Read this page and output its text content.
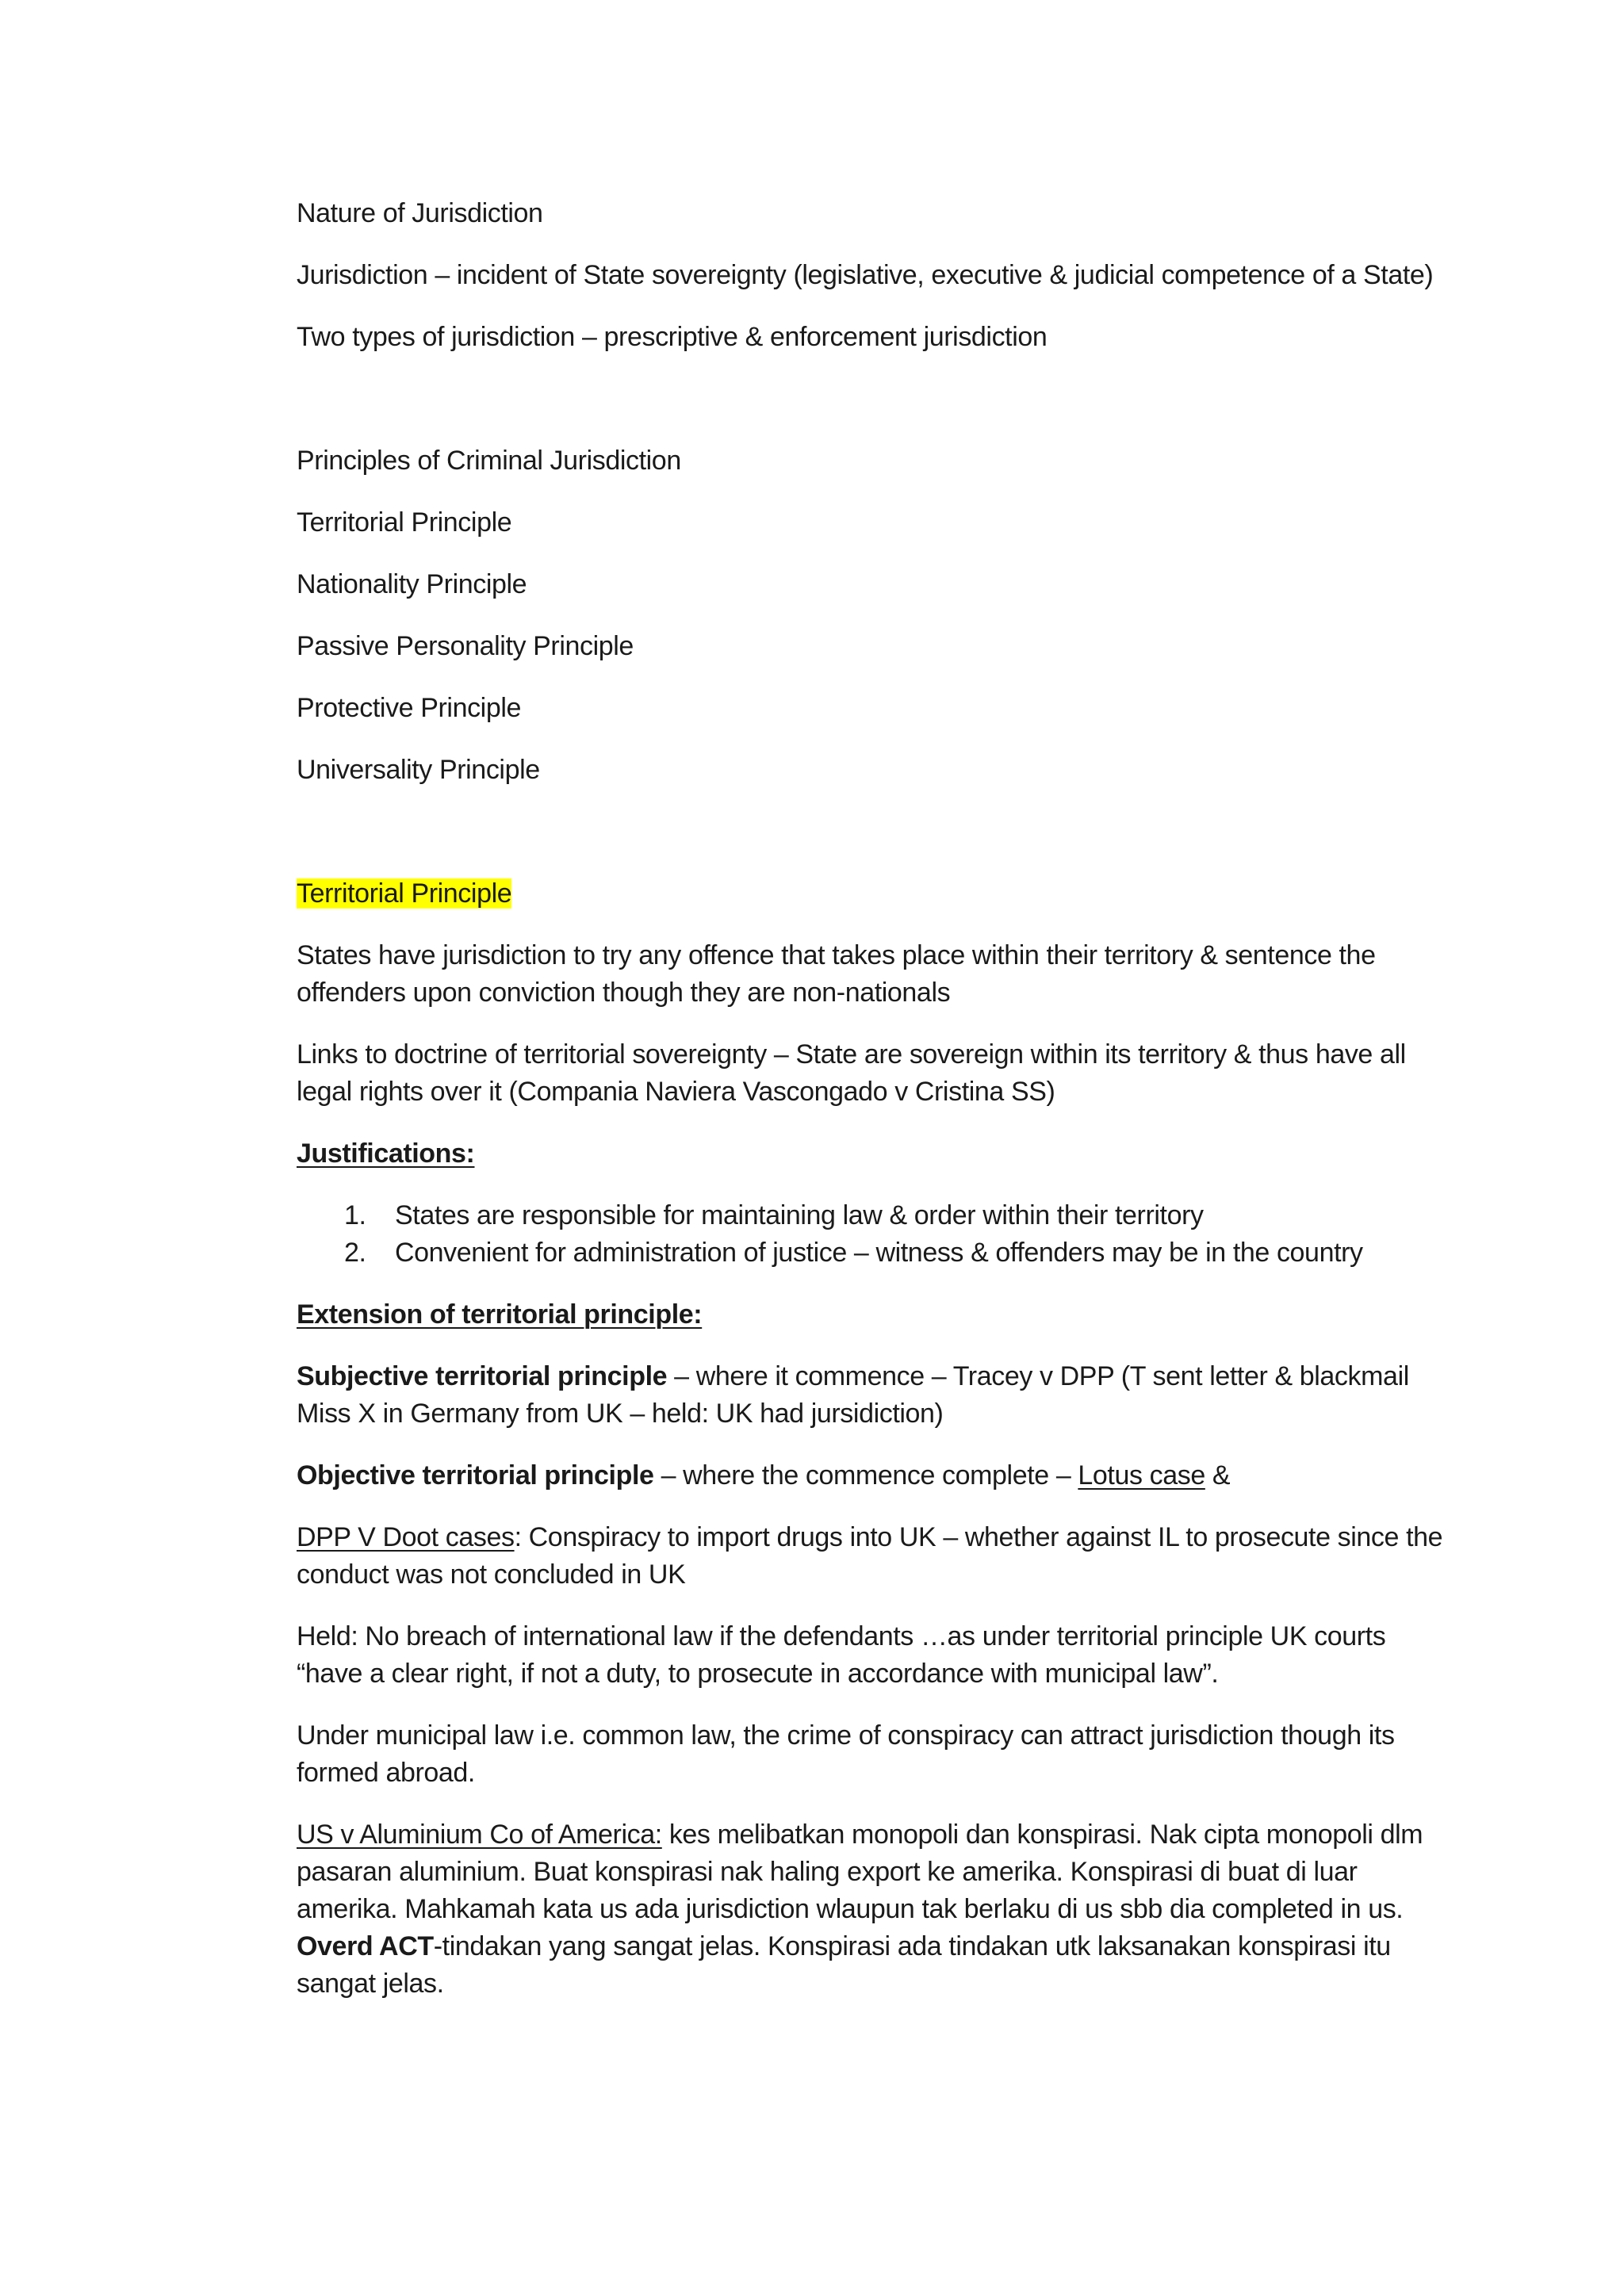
Nature of Jurisdiction

Jurisdiction – incident of State sovereignty (legislative, executive & judicial competence of a State)

Two types of jurisdiction – prescriptive & enforcement jurisdiction

Principles of Criminal Jurisdiction

Territorial Principle

Nationality Principle

Passive Personality Principle

Protective Principle

Universality Principle

Territorial Principle

States have jurisdiction to try any offence that takes place within their territory & sentence the offenders upon conviction though they are non-nationals

Links to doctrine of territorial sovereignty – State are sovereign within its territory & thus have all legal rights over it (Compania Naviera Vascongado v Cristina SS)

Justifications:

1. States are responsible for maintaining law & order within their territory
2. Convenient for administration of justice – witness & offenders may be in the country

Extension of territorial principle:

Subjective territorial principle – where it commence – Tracey v DPP (T sent letter & blackmail Miss X in Germany from UK – held: UK had jursidiction)

Objective territorial principle – where the commence complete – Lotus case &

DPP V Doot cases: Conspiracy to import drugs into UK – whether against IL to prosecute since the conduct was not concluded in UK

Held: No breach of international law if the defendants …as under territorial principle UK courts “have a clear right, if not a duty, to prosecute in accordance with municipal law”.

Under municipal law i.e. common law, the crime of conspiracy can attract jurisdiction though its formed abroad.

US v Aluminium Co of America: kes melibatkan monopoli dan konspirasi. Nak cipta monopoli dlm pasaran aluminium. Buat konspirasi nak haling export ke amerika. Konspirasi di buat di luar amerika. Mahkamah kata us ada jurisdiction wlaupun tak berlaku di us sbb dia completed in us. Overd ACT-tindakan yang sangat jelas. Konspirasi ada tindakan utk laksanakan konspirasi itu sangat jelas.
